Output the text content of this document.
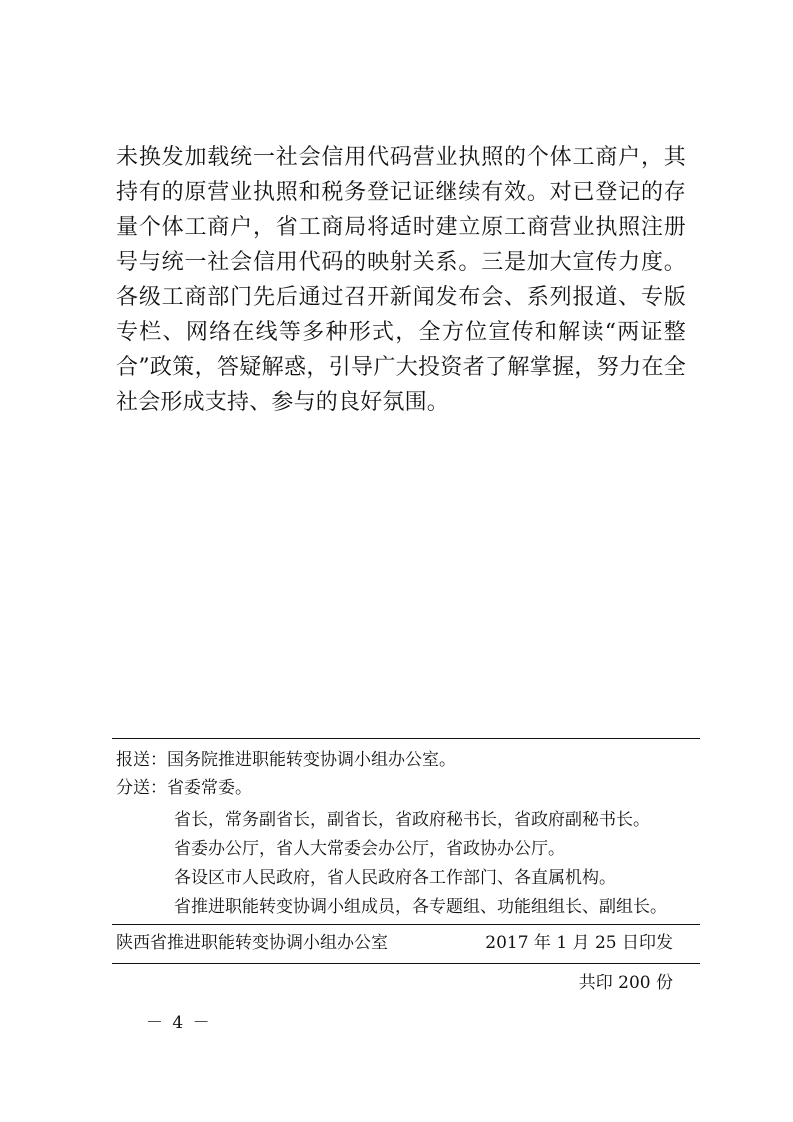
未换发加载统一社会信用代码营业执照的个体工商户，其持有的原营业执照和税务登记证继续有效。对已登记的存量个体工商户，省工商局将适时建立原工商营业执照注册号与统一社会信用代码的映射关系。三是加大宣传力度。各级工商部门先后通过召开新闻发布会、系列报道、专版专栏、网络在线等多种形式，全方位宣传和解读“两证整合”政策，答疑解惑，引导广大投资者了解掌握，努力在全社会形成支持、参与的良好氛围。

报送：国务院推进职能转变协调小组办公室。
分送：省委常委。
省长，常务副省长，副省长，省政府秘书长，省政府副秘书长。
省委办公厅，省人大常委会办公厅，省政协办公厅。
各设区市人民政府，省人民政府各工作部门、各直属机构。
省推进职能转变协调小组成员，各专题组、功能组组长、副组长。
陕西省推进职能转变协调小组办公室	2017 年 1 月 25 日印发
共印 200 份
－ 4 －
